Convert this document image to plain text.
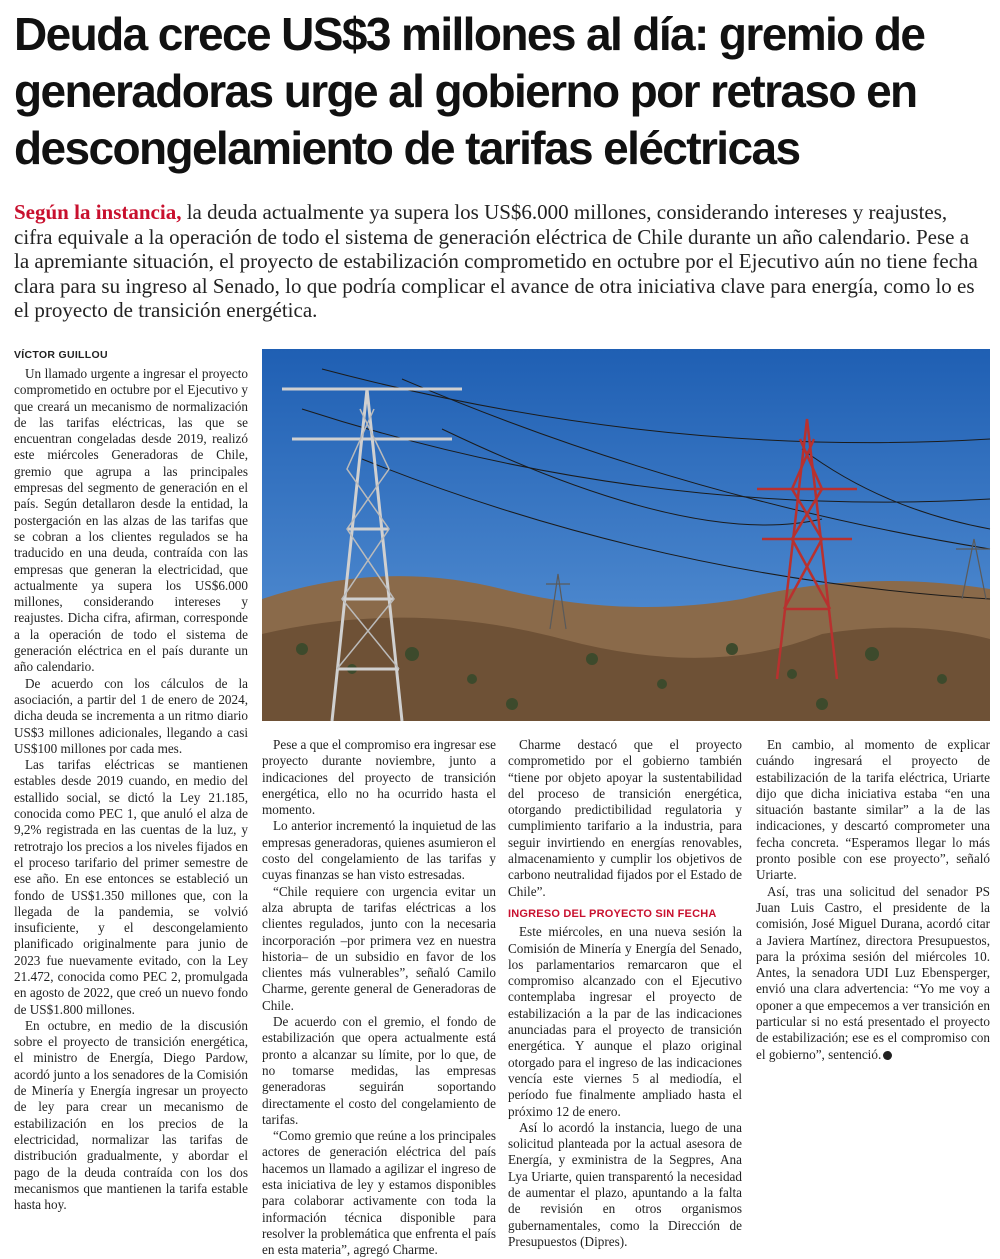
Deuda crece US$3 millones al día: gremio de generadoras urge al gobierno por retraso en descongelamiento de tarifas eléctricas

Según la instancia, la deuda actualmente ya supera los US$6.000 millones, considerando intereses y reajustes, cifra equivale a la operación de todo el sistema de generación eléctrica de Chile durante un año calendario. Pese a la apremiante situación, el proyecto de estabilización comprometido en octubre por el Ejecutivo aún no tiene fecha clara para su ingreso al Senado, lo que podría complicar el avance de otra iniciativa clave para energía, como lo es el proyecto de transición energética.

VÍCTOR GUILLOU

Un llamado urgente a ingresar el proyecto comprometido en octubre por el Ejecutivo y que creará un mecanismo de normalización de las tarifas eléctricas, las que se encuentran congeladas desde 2019, realizó este miércoles Generadoras de Chile, gremio que agrupa a las principales empresas del segmento de generación en el país. Según detallaron desde la entidad, la postergación en las alzas de las tarifas que se cobran a los clientes regulados se ha traducido en una deuda, contraída con las empresas que generan la electricidad, que actualmente ya supera los US$6.000 millones, considerando intereses y reajustes. Dicha cifra, afirman, corresponde a la operación de todo el sistema de generación eléctrica en el país durante un año calendario.

De acuerdo con los cálculos de la asociación, a partir del 1 de enero de 2024, dicha deuda se incrementa a un ritmo diario US$3 millones adicionales, llegando a casi US$100 millones por cada mes.

Las tarifas eléctricas se mantienen estables desde 2019 cuando, en medio del estallido social, se dictó la Ley 21.185, conocida como PEC 1, que anuló el alza de 9,2% registrada en las cuentas de la luz, y retrotrajo los precios a los niveles fijados en el proceso tarifario del primer semestre de ese año. En ese entonces se estableció un fondo de US$1.350 millones que, con la llegada de la pandemia, se volvió insuficiente, y el descongelamiento planificado originalmente para junio de 2023 fue nuevamente evitado, con la Ley 21.472, conocida como PEC 2, promulgada en agosto de 2022, que creó un nuevo fondo de US$1.800 millones.

En octubre, en medio de la discusión sobre el proyecto de transición energética, el ministro de Energía, Diego Pardow, acordó junto a los senadores de la Comisión de Minería y Energía ingresar un proyecto de ley para crear un mecanismo de estabilización en los precios de la electricidad, normalizar las tarifas de distribución gradualmente, y abordar el pago de la deuda contraída con los dos mecanismos que mantienen la tarifa estable hasta hoy.

Pese a que el compromiso era ingresar ese proyecto durante noviembre, junto a indicaciones del proyecto de transición energética, ello no ha ocurrido hasta el momento.

Lo anterior incrementó la inquietud de las empresas generadoras, quienes asumieron el costo del congelamiento de las tarifas y cuyas finanzas se han visto estresadas.

“Chile requiere con urgencia evitar un alza abrupta de tarifas eléctricas a los clientes regulados, junto con la necesaria incorporación –por primera vez en nuestra historia– de un subsidio en favor de los clientes más vulnerables”, señaló Camilo Charme, gerente general de Generadoras de Chile.

De acuerdo con el gremio, el fondo de estabilización que opera actualmente está pronto a alcanzar su límite, por lo que, de no tomarse medidas, las empresas generadoras seguirán soportando directamente el costo del congelamiento de tarifas.

“Como gremio que reúne a los principales actores de generación eléctrica del país hacemos un llamado a agilizar el ingreso de esta iniciativa de ley y estamos disponibles para colaborar activamente con toda la información técnica disponible para resolver la problemática que enfrenta el país en esta materia”, agregó Charme.

Charme destacó que el proyecto comprometido por el gobierno también “tiene por objeto apoyar la sustentabilidad del proceso de transición energética, otorgando predictibilidad regulatoria y cumplimiento tarifario a la industria, para seguir invirtiendo en energías renovables, almacenamiento y cumplir los objetivos de carbono neutralidad fijados por el Estado de Chile”.

INGRESO DEL PROYECTO SIN FECHA

Este miércoles, en una nueva sesión la Comisión de Minería y Energía del Senado, los parlamentarios remarcaron que el compromiso alcanzado con el Ejecutivo contemplaba ingresar el proyecto de estabilización a la par de las indicaciones anunciadas para el proyecto de transición energética. Y aunque el plazo original otorgado para el ingreso de las indicaciones vencía este viernes 5 al mediodía, el período fue finalmente ampliado hasta el próximo 12 de enero.

Así lo acordó la instancia, luego de una solicitud planteada por la actual asesora de Energía, y exministra de la Segpres, Ana Lya Uriarte, quien transparentó la necesidad de aumentar el plazo, apuntando a la falta de revisión en otros organismos gubernamentales, como la Dirección de Presupuestos (Dipres).

En cambio, al momento de explicar cuándo ingresará el proyecto de estabilización de la tarifa eléctrica, Uriarte dijo que dicha iniciativa estaba “en una situación bastante similar” a la de las indicaciones, y descartó comprometer una fecha concreta. “Esperamos llegar lo más pronto posible con ese proyecto”, señaló Uriarte.

Así, tras una solicitud del senador PS Juan Luis Castro, el presidente de la comisión, José Miguel Durana, acordó citar a Javiera Martínez, directora Presupuestos, para la próxima sesión del miércoles 10. Antes, la senadora UDI Luz Ebensperger, envió una clara advertencia: “Yo me voy a oponer a que empecemos a ver transición en particular si no está presentado el proyecto de estabilización; ese es el compromiso con el gobierno”, sentenció.
